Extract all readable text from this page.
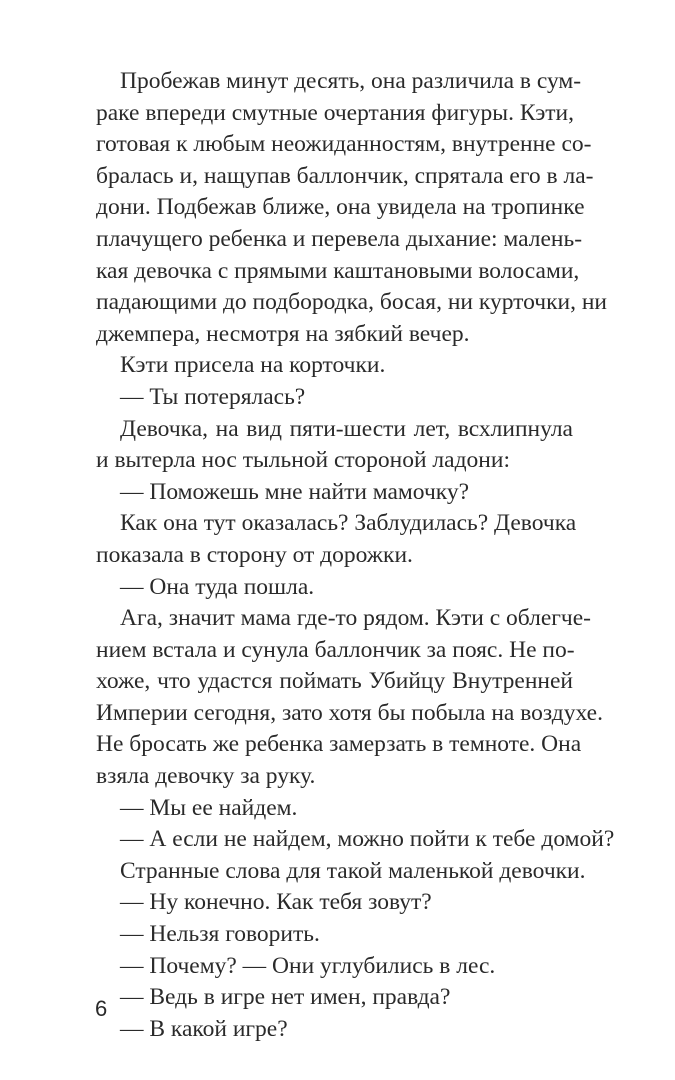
Пробежав минут десять, она различила в сум-
раке впереди смутные очертания фигуры. Кэти,
готовая к любым неожиданностям, внутренне со-
бралась и, нащупав баллончик, спрятала его в ла-
дони. Подбежав ближе, она увидела на тропинке
плачущего ребенка и перевела дыхание: малень-
кая девочка с прямыми каштановыми волосами,
падающими до подбородка, босая, ни курточки, ни
джемпера, несмотря на зябкий вечер.
Кэти присела на корточки.
— Ты потерялась?
Девочка, на вид пяти-шести лет, всхлипнула
и вытерла нос тыльной стороной ладони:
— Поможешь мне найти мамочку?
Как она тут оказалась? Заблудилась? Девочка
показала в сторону от дорожки.
— Она туда пошла.
Ага, значит мама где-то рядом. Кэти с облегче-
нием встала и сунула баллончик за пояс. Не по-
хоже, что удастся поймать Убийцу Внутренней
Империи сегодня, зато хотя бы побыла на воздухе.
Не бросать же ребенка замерзать в темноте. Она
взяла девочку за руку.
— Мы ее найдем.
— А если не найдем, можно пойти к тебе домой?
Странные слова для такой маленькой девочки.
— Ну конечно. Как тебя зовут?
— Нельзя говорить.
— Почему? — Они углубились в лес.
— Ведь в игре нет имен, правда?
— В какой игре?
6
